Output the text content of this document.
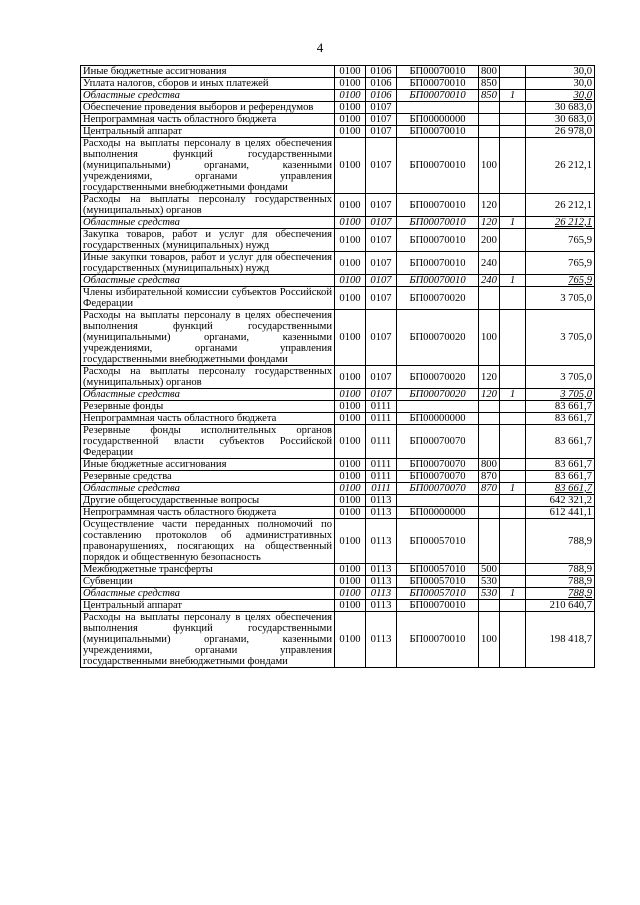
4
Иные бюджетные ассигнования	0100	0106	БП00070010	800		30,0
Уплата налогов, сборов и иных платежей	0100	0106	БП00070010	850		30,0
Областные средства	0100	0106	БП00070010	850	1	30,0
Обеспечение проведения выборов и референдумов	0100	0107				30 683,0
Непрограммная часть областного бюджета	0100	0107	БП00000000			30 683,0
Центральный аппарат	0100	0107	БП00070010			26 978,0
Расходы на выплаты персоналу в целях обеспечения выполнения функций государственными (муниципальными) органами, казенными учреждениями, органами управления государственными внебюджетными фондами	0100	0107	БП00070010	100		26 212,1
Расходы на выплаты персоналу государственных (муниципальных) органов	0100	0107	БП00070010	120		26 212,1
Областные средства	0100	0107	БП00070010	120	1	26 212,1
Закупка товаров, работ и услуг для обеспечения государственных (муниципальных) нужд	0100	0107	БП00070010	200		765,9
Иные закупки товаров, работ и услуг для обеспечения государственных (муниципальных) нужд	0100	0107	БП00070010	240		765,9
Областные средства	0100	0107	БП00070010	240	1	765,9
Члены избирательной комиссии субъектов Российской Федерации	0100	0107	БП00070020			3 705,0
Расходы на выплаты персоналу в целях обеспечения выполнения функций государственными (муниципальными) органами, казенными учреждениями, органами управления государственными внебюджетными фондами	0100	0107	БП00070020	100		3 705,0
Расходы на выплаты персоналу государственных (муниципальных) органов	0100	0107	БП00070020	120		3 705,0
Областные средства	0100	0107	БП00070020	120	1	3 705,0
Резервные фонды	0100	0111				83 661,7
Непрограммная часть областного бюджета	0100	0111	БП00000000			83 661,7
Резервные фонды исполнительных органов государственной власти субъектов Российской Федерации	0100	0111	БП00070070			83 661,7
Иные бюджетные ассигнования	0100	0111	БП00070070	800		83 661,7
Резервные средства	0100	0111	БП00070070	870		83 661,7
Областные средства	0100	0111	БП00070070	870	1	83 661,7
Другие общегосударственные вопросы	0100	0113				642 321,2
Непрограммная часть областного бюджета	0100	0113	БП00000000			612 441,1
Осуществление части переданных полномочий по составлению протоколов об административных правонарушениях, посягающих на общественный порядок и общественную безопасность	0100	0113	БП00057010			788,9
Межбюджетные трансферты	0100	0113	БП00057010	500		788,9
Субвенции	0100	0113	БП00057010	530		788,9
Областные средства	0100	0113	БП00057010	530	1	788,9
Центральный аппарат	0100	0113	БП00070010			210 640,7
Расходы на выплаты персоналу в целях обеспечения выполнения функций государственными (муниципальными) органами, казенными учреждениями, органами управления государственными внебюджетными фондами	0100	0113	БП00070010	100		198 418,7
